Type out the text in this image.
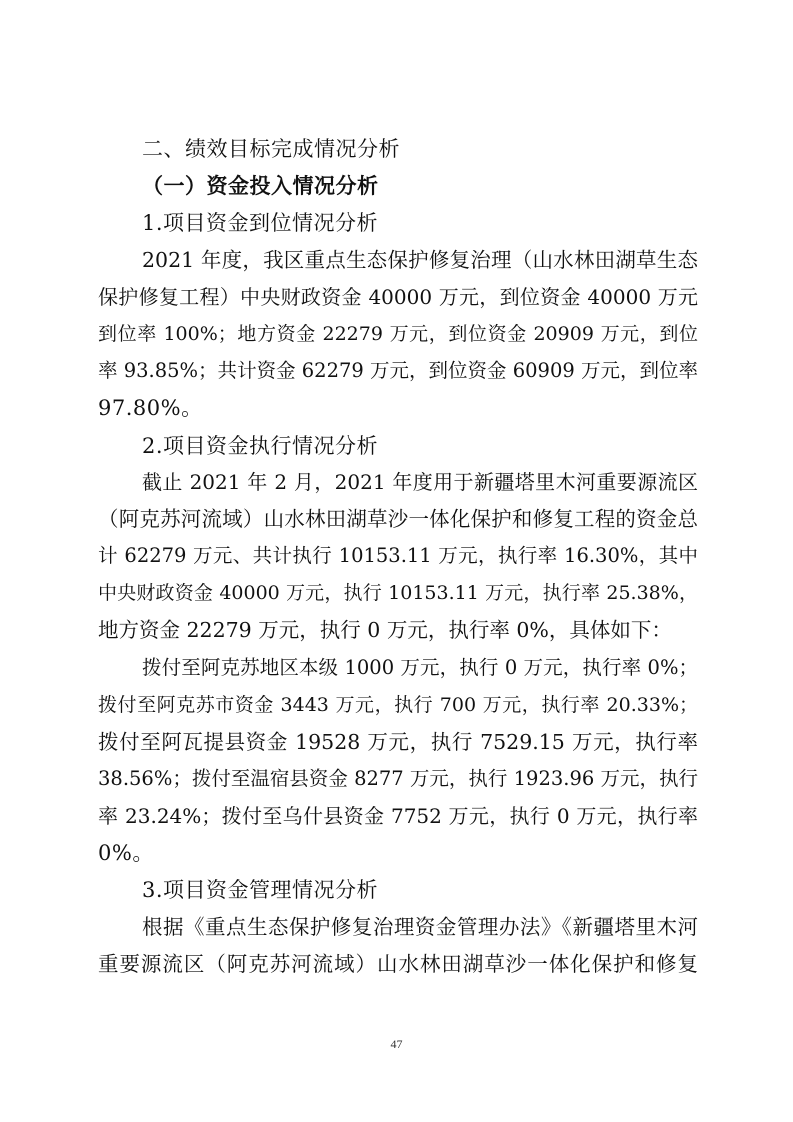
二、绩效目标完成情况分析
（一）资金投入情况分析
1.项目资金到位情况分析
2021 年度，我区重点生态保护修复治理（山水林田湖草生态
保护修复工程）中央财政资金 40000 万元，到位资金 40000 万元
到位率 100%；地方资金 22279 万元，到位资金 20909 万元，到位
率 93.85%；共计资金 62279 万元，到位资金 60909 万元，到位率
97.80%。
2.项目资金执行情况分析
截止 2021 年 2 月，2021 年度用于新疆塔里木河重要源流区
（阿克苏河流域）山水林田湖草沙一体化保护和修复工程的资金总
计 62279 万元、共计执行 10153.11 万元，执行率 16.30%，其中
中央财政资金 40000 万元，执行 10153.11 万元，执行率 25.38%，
地方资金 22279 万元，执行 0 万元，执行率 0%，具体如下：
拨付至阿克苏地区本级 1000 万元，执行 0 万元，执行率 0%；
拨付至阿克苏市资金 3443 万元，执行 700 万元，执行率 20.33%；
拨付至阿瓦提县资金 19528 万元，执行 7529.15 万元，执行率
38.56%；拨付至温宿县资金 8277 万元，执行 1923.96 万元，执行
率 23.24%；拨付至乌什县资金 7752 万元，执行 0 万元，执行率
0%。
3.项目资金管理情况分析
根据《重点生态保护修复治理资金管理办法》《新疆塔里木河
重要源流区（阿克苏河流域）山水林田湖草沙一体化保护和修复
47
